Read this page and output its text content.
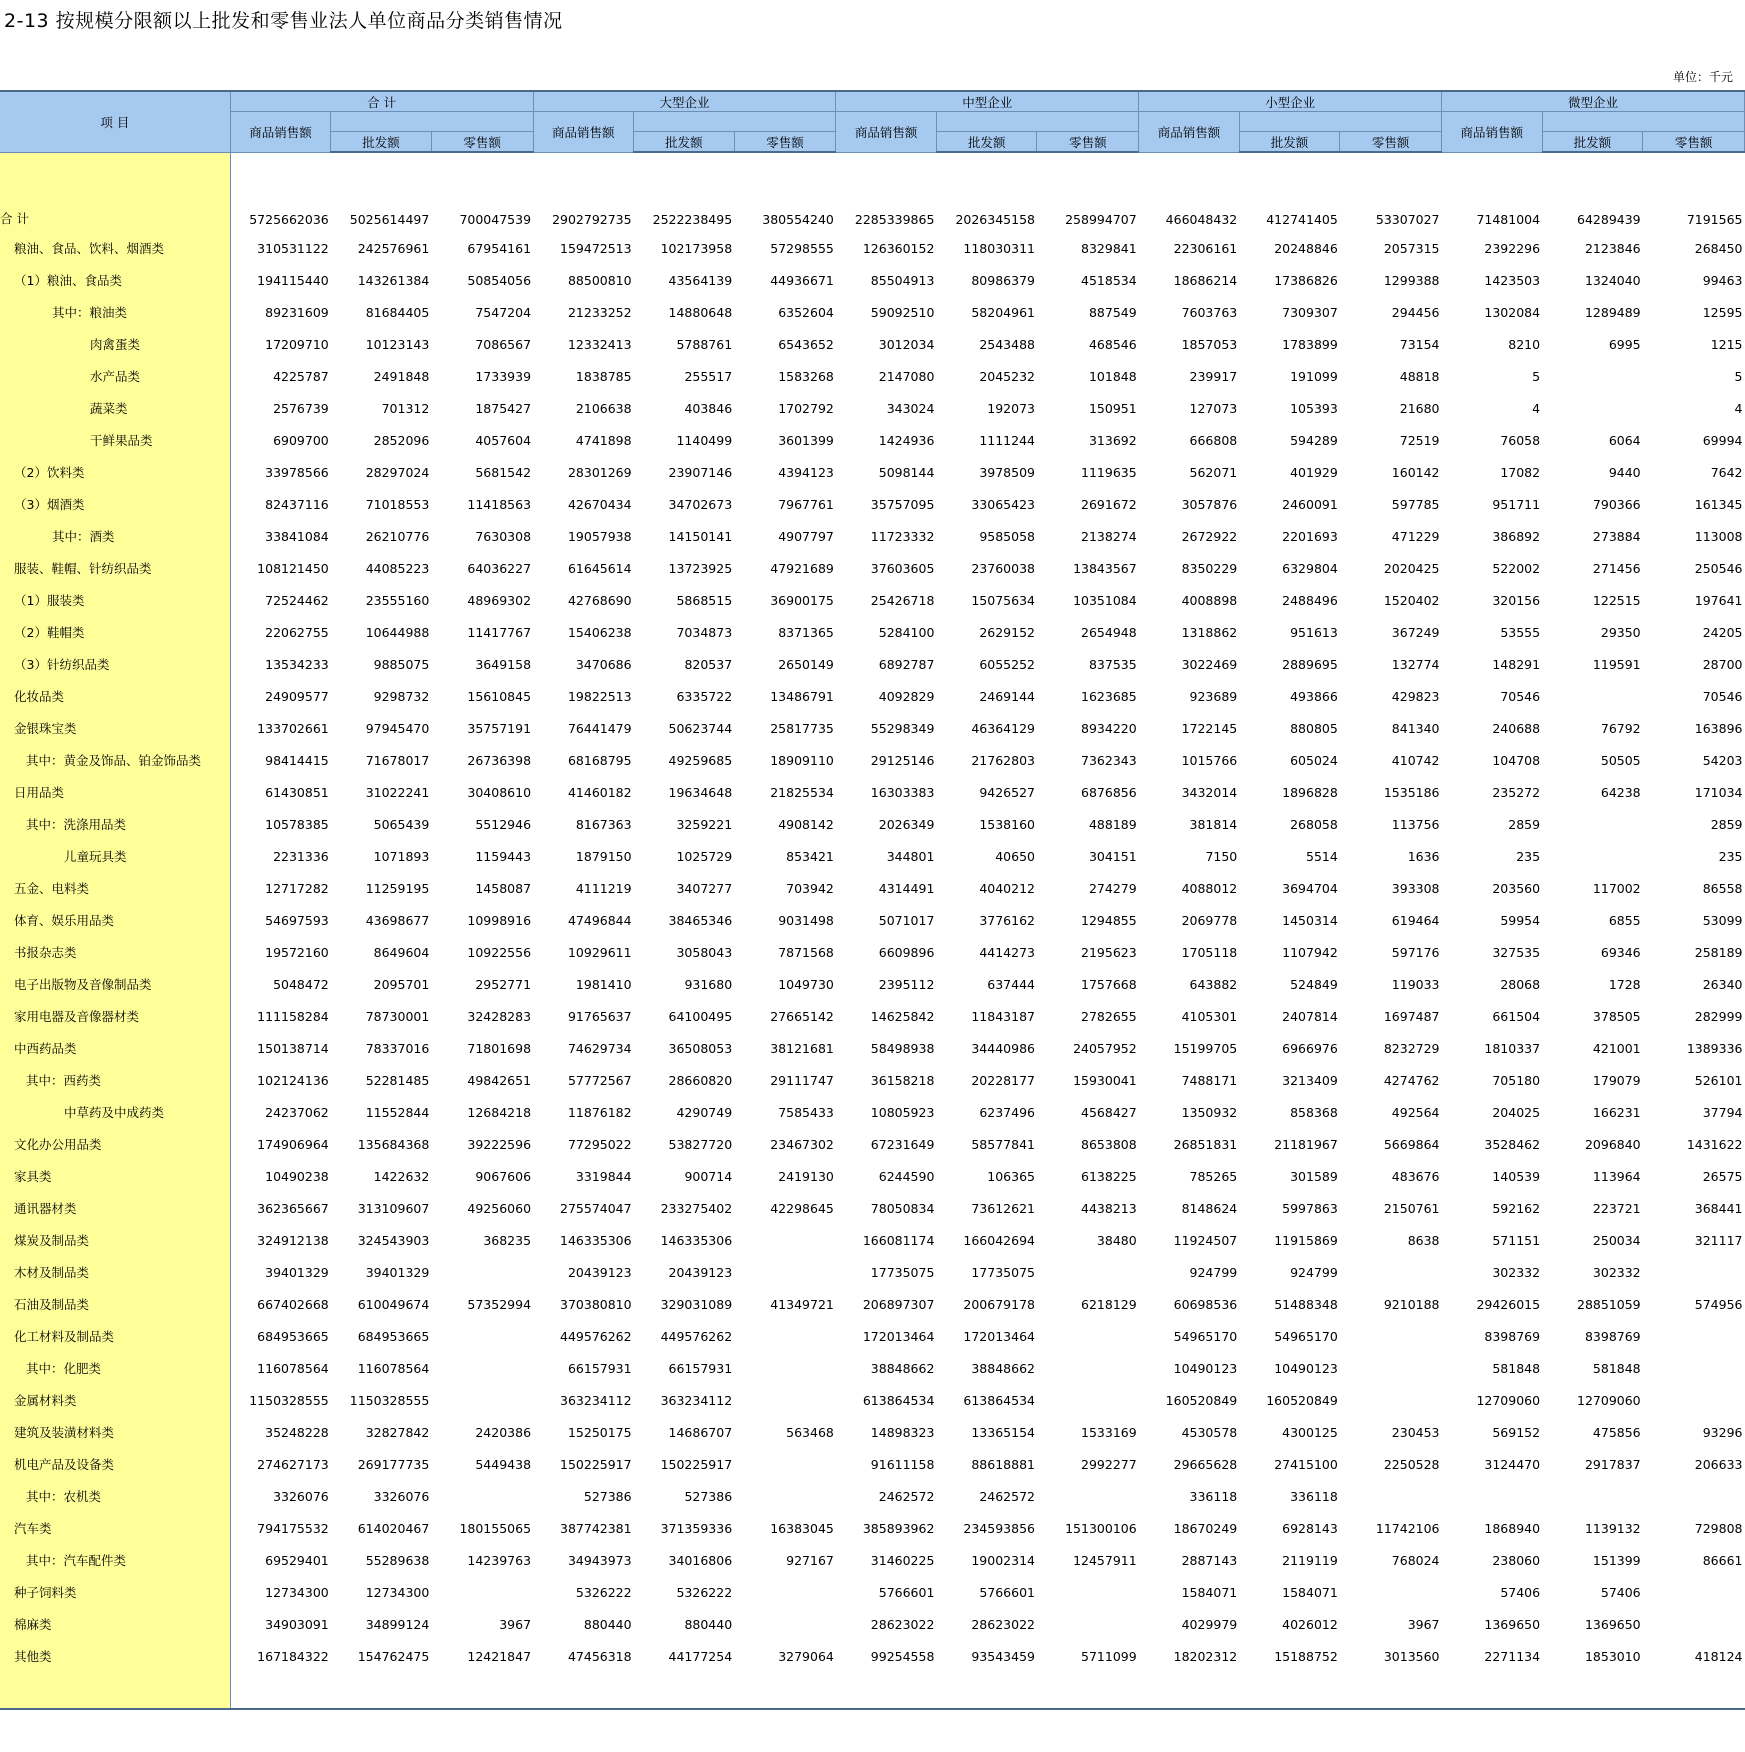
2-13 按规模分限额以上批发和零售业法人单位商品分类销售情况
单位：千元
项 目	合 计			大型企业			中型企业			小型企业			微型企业		
	商品销售额			商品销售额			商品销售额			商品销售额			商品销售额		
		批发额	零售额		批发额	零售额		批发额	零售额		批发额	零售额		批发额	零售额

合 计	5725662036	5025614497	700047539	2902792735	2522238495	380554240	2285339865	2026345158	258994707	466048432	412741405	53307027	71481004	64289439	7191565
粮油、食品、饮料、烟酒类	310531122	242576961	67954161	159472513	102173958	57298555	126360152	118030311	8329841	22306161	20248846	2057315	2392296	2123846	268450
（1）粮油、食品类	194115440	143261384	50854056	88500810	43564139	44936671	85504913	80986379	4518534	18686214	17386826	1299388	1423503	1324040	99463
其中：粮油类	89231609	81684405	7547204	21233252	14880648	6352604	59092510	58204961	887549	7603763	7309307	294456	1302084	1289489	12595
肉禽蛋类	17209710	10123143	7086567	12332413	5788761	6543652	3012034	2543488	468546	1857053	1783899	73154	8210	6995	1215
水产品类	4225787	2491848	1733939	1838785	255517	1583268	2147080	2045232	101848	239917	191099	48818	5		5
蔬菜类	2576739	701312	1875427	2106638	403846	1702792	343024	192073	150951	127073	105393	21680	4		4
干鲜果品类	6909700	2852096	4057604	4741898	1140499	3601399	1424936	1111244	313692	666808	594289	72519	76058	6064	69994
（2）饮料类	33978566	28297024	5681542	28301269	23907146	4394123	5098144	3978509	1119635	562071	401929	160142	17082	9440	7642
（3）烟酒类	82437116	71018553	11418563	42670434	34702673	7967761	35757095	33065423	2691672	3057876	2460091	597785	951711	790366	161345
其中：酒类	33841084	26210776	7630308	19057938	14150141	4907797	11723332	9585058	2138274	2672922	2201693	471229	386892	273884	113008
服装、鞋帽、针纺织品类	108121450	44085223	64036227	61645614	13723925	47921689	37603605	23760038	13843567	8350229	6329804	2020425	522002	271456	250546
（1）服装类	72524462	23555160	48969302	42768690	5868515	36900175	25426718	15075634	10351084	4008898	2488496	1520402	320156	122515	197641
（2）鞋帽类	22062755	10644988	11417767	15406238	7034873	8371365	5284100	2629152	2654948	1318862	951613	367249	53555	29350	24205
（3）针纺织品类	13534233	9885075	3649158	3470686	820537	2650149	6892787	6055252	837535	3022469	2889695	132774	148291	119591	28700
化妆品类	24909577	9298732	15610845	19822513	6335722	13486791	4092829	2469144	1623685	923689	493866	429823	70546		70546
金银珠宝类	133702661	97945470	35757191	76441479	50623744	25817735	55298349	46364129	8934220	1722145	880805	841340	240688	76792	163896
其中：黄金及饰品、铂金饰品类	98414415	71678017	26736398	68168795	49259685	18909110	29125146	21762803	7362343	1015766	605024	410742	104708	50505	54203
日用品类	61430851	31022241	30408610	41460182	19634648	21825534	16303383	9426527	6876856	3432014	1896828	1535186	235272	64238	171034
其中：洗涤用品类	10578385	5065439	5512946	8167363	3259221	4908142	2026349	1538160	488189	381814	268058	113756	2859		2859
儿童玩具类	2231336	1071893	1159443	1879150	1025729	853421	344801	40650	304151	7150	5514	1636	235		235
五金、电料类	12717282	11259195	1458087	4111219	3407277	703942	4314491	4040212	274279	4088012	3694704	393308	203560	117002	86558
体育、娱乐用品类	54697593	43698677	10998916	47496844	38465346	9031498	5071017	3776162	1294855	2069778	1450314	619464	59954	6855	53099
书报杂志类	19572160	8649604	10922556	10929611	3058043	7871568	6609896	4414273	2195623	1705118	1107942	597176	327535	69346	258189
电子出版物及音像制品类	5048472	2095701	2952771	1981410	931680	1049730	2395112	637444	1757668	643882	524849	119033	28068	1728	26340
家用电器及音像器材类	111158284	78730001	32428283	91765637	64100495	27665142	14625842	11843187	2782655	4105301	2407814	1697487	661504	378505	282999
中西药品类	150138714	78337016	71801698	74629734	36508053	38121681	58498938	34440986	24057952	15199705	6966976	8232729	1810337	421001	1389336
其中：西药类	102124136	52281485	49842651	57772567	28660820	29111747	36158218	20228177	15930041	7488171	3213409	4274762	705180	179079	526101
中草药及中成药类	24237062	11552844	12684218	11876182	4290749	7585433	10805923	6237496	4568427	1350932	858368	492564	204025	166231	37794
文化办公用品类	174906964	135684368	39222596	77295022	53827720	23467302	67231649	58577841	8653808	26851831	21181967	5669864	3528462	2096840	1431622
家具类	10490238	1422632	9067606	3319844	900714	2419130	6244590	106365	6138225	785265	301589	483676	140539	113964	26575
通讯器材类	362365667	313109607	49256060	275574047	233275402	42298645	78050834	73612621	4438213	8148624	5997863	2150761	592162	223721	368441
煤炭及制品类	324912138	324543903	368235	146335306	146335306		166081174	166042694	38480	11924507	11915869	8638	571151	250034	321117
木材及制品类	39401329	39401329		20439123	20439123		17735075	17735075		924799	924799		302332	302332	
石油及制品类	667402668	610049674	57352994	370380810	329031089	41349721	206897307	200679178	6218129	60698536	51488348	9210188	29426015	28851059	574956
化工材料及制品类	684953665	684953665		449576262	449576262		172013464	172013464		54965170	54965170		8398769	8398769	
其中：化肥类	116078564	116078564		66157931	66157931		38848662	38848662		10490123	10490123		581848	581848	
金属材料类	1150328555	1150328555		363234112	363234112		613864534	613864534		160520849	160520849		12709060	12709060	
建筑及装潢材料类	35248228	32827842	2420386	15250175	14686707	563468	14898323	13365154	1533169	4530578	4300125	230453	569152	475856	93296
机电产品及设备类	274627173	269177735	5449438	150225917	150225917		91611158	88618881	2992277	29665628	27415100	2250528	3124470	2917837	206633
其中：农机类	3326076	3326076		527386	527386		2462572	2462572		336118	336118				
汽车类	794175532	614020467	180155065	387742381	371359336	16383045	385893962	234593856	151300106	18670249	6928143	11742106	1868940	1139132	729808
其中：汽车配件类	69529401	55289638	14239763	34943973	34016806	927167	31460225	19002314	12457911	2887143	2119119	768024	238060	151399	86661
种子饲料类	12734300	12734300		5326222	5326222		5766601	5766601		1584071	1584071		57406	57406	
棉麻类	34903091	34899124	3967	880440	880440		28623022	28623022		4029979	4026012	3967	1369650	1369650	
其他类	167184322	154762475	12421847	47456318	44177254	3279064	99254558	93543459	5711099	18202312	15188752	3013560	2271134	1853010	418124
